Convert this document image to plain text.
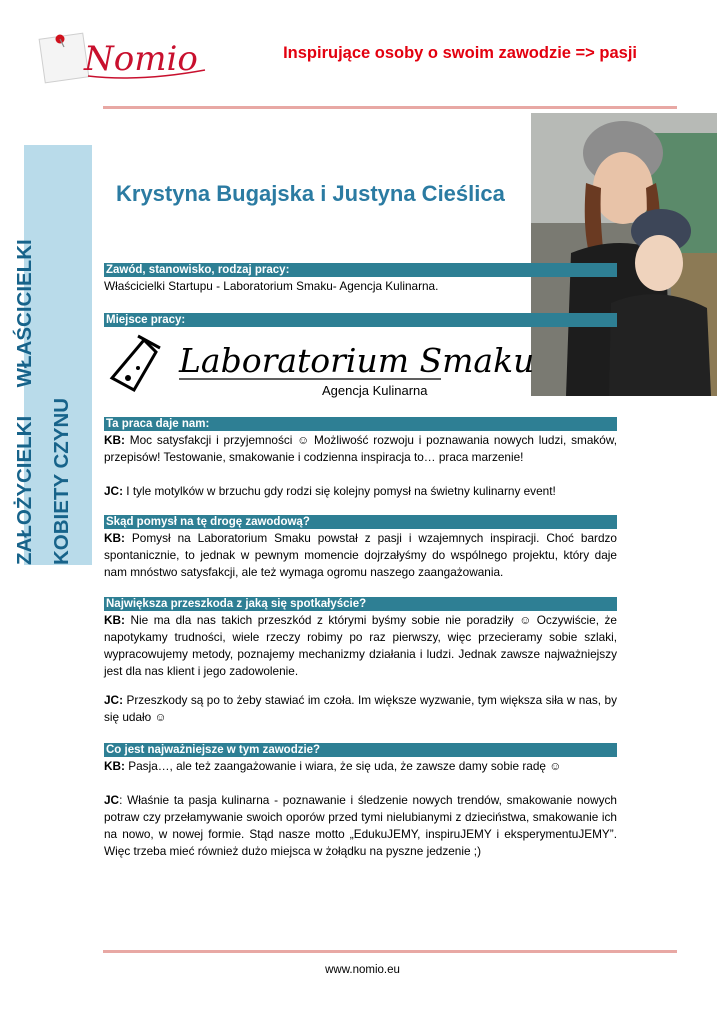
Nomio	Inspirujące osoby o swoim zawodzie => pasji
ZAŁOŻYCIELKI     WŁAŚCICIELKI KOBIETY CZYNU
Krystyna Bugajska i Justyna Cieślica
Zawód, stanowisko, rodzaj pracy:
Właścicielki Startupu - Laboratorium Smaku- Agencja Kulinarna.
Miejsce pracy:
Laboratorium Smaku
Agencja Kulinarna
Ta praca daje nam:
KB: Moc satysfakcji i przyjemności ☺ Możliwość rozwoju i poznawania nowych ludzi, smaków, przepisów! Testowanie, smakowanie i codzienna inspiracja to… praca marzenie!
JC: I tyle motylków w brzuchu gdy rodzi się kolejny pomysł na świetny kulinarny event!
Skąd pomysł na tę drogę zawodową?
KB: Pomysł na Laboratorium Smaku powstał z pasji i wzajemnych inspiracji. Choć bardzo spontanicznie, to jednak w pewnym momencie dojrzałyśmy do wspólnego projektu, który daje nam mnóstwo satysfakcji, ale też wymaga ogromu naszego zaangażowania.
Największa przeszkoda z jaką się spotkałyście?
KB: Nie ma dla nas takich przeszkód z którymi byśmy sobie nie poradziły ☺ Oczywiście, że napotykamy trudności, wiele rzeczy robimy po raz pierwszy, więc przecieramy sobie szlaki, wypracowujemy metody, poznajemy mechanizmy działania i ludzi. Jednak zawsze najważniejszy jest dla nas klient i jego zadowolenie.
JC: Przeszkody są po to żeby stawiać im czoła. Im większe wyzwanie, tym większa siła w nas, by się udało ☺
Co jest najważniejsze w tym zawodzie?
KB: Pasja…, ale też zaangażowanie i wiara, że się uda, że zawsze damy sobie radę ☺
JC: Właśnie ta pasja kulinarna - poznawanie i śledzenie nowych trendów, smakowanie nowych potraw czy przełamywanie swoich oporów przed tymi nielubianymi z dzieciństwa, smakowanie ich na nowo, w nowej formie. Stąd nasze motto „EdukuJEMY, inspiruJEMY i eksperymentuJEMY”. Więc trzeba mieć również dużo miejsca w żołądku na pyszne jedzenie ;)
www.nomio.eu
